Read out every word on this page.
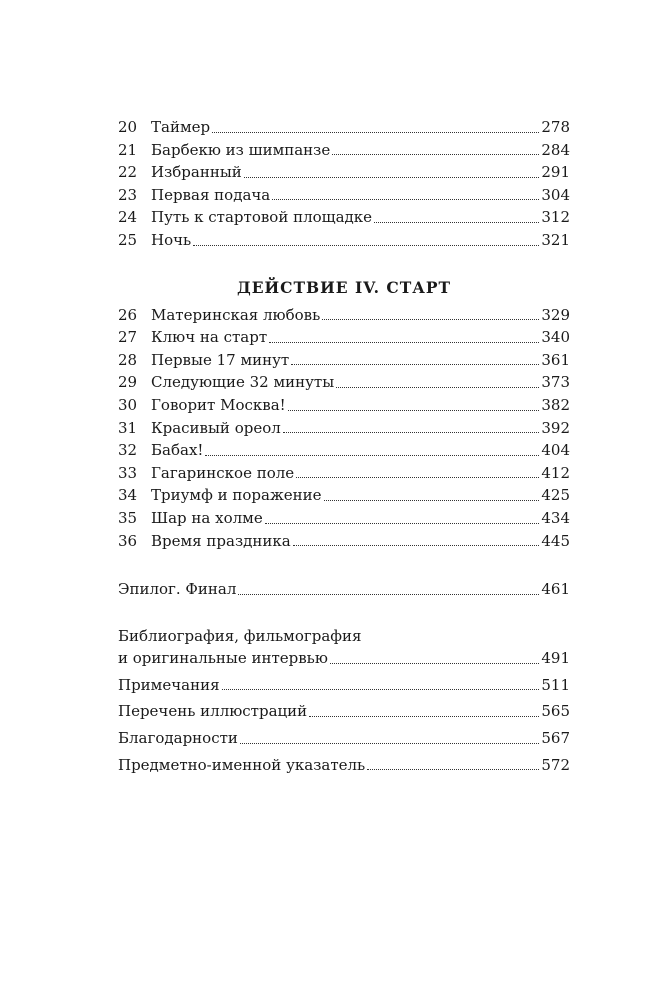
20 Таймер	278
21 Барбекю из шимпанзе	284
22 Избранный	291
23 Первая подача	304
24 Путь к стартовой площадке	312
25 Ночь	321
ДЕЙСТВИЕ IV. СТАРТ
26 Материнская любовь	329
27 Ключ на старт	340
28 Первые 17 минут	361
29 Следующие 32 минуты	373
30 Говорит Москва!	382
31 Красивый ореол	392
32 Бабах!	404
33 Гагаринское поле	412
34 Триумф и поражение	425
35 Шар на холме	434
36 Время праздника	445
Эпилог. Финал	461
Библиография, фильмография
и оригинальные интервью	491
Примечания	511
Перечень иллюстраций	565
Благодарности	567
Предметно-именной указатель	572
